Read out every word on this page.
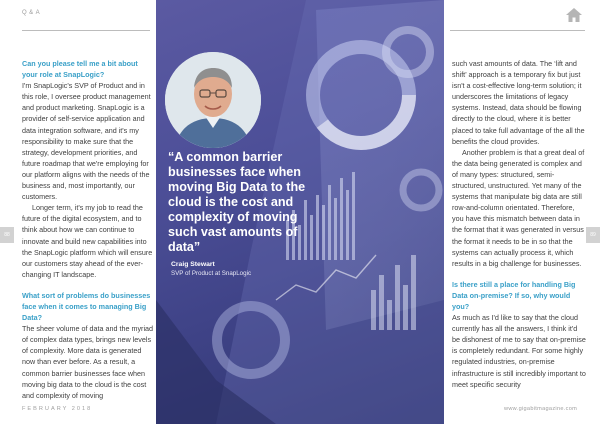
Q&A
88	89
Can you please tell me a bit about your role at SnapLogic?
I'm SnapLogic's SVP of Product and in this role, I oversee product management and product marketing. SnapLogic is a provider of self-service application and data integration software, and it's my responsibility to make sure that the strategy, development priorities, and future roadmap that we're employing for our platform aligns with the needs of the business and, most importantly, our customers.
Longer term, it's my job to read the future of the digital ecosystem, and to think about how we can continue to innovate and build new capabilities into the SnapLogic platform which will ensure our customers stay ahead of the ever-changing IT landscape.
What sort of problems do businesses face when it comes to managing Big Data?
The sheer volume of data and the myriad of complex data types, brings new levels of complexity. More data is generated now than ever before. As a result, a common barrier businesses face when moving big data to the cloud is the cost and complexity of moving
“A common barrier businesses face when moving Big Data to the cloud is the cost and complexity of moving such vast amounts of data”
Craig Stewart
SVP of Product at SnapLogic
such vast amounts of data. The ‘lift and shift’ approach is a temporary fix but just isn't a cost-effective long-term solution; it underscores the limitations of legacy systems. Instead, data should be flowing directly to the cloud, where it is better placed to take full advantage of the all the benefits the cloud provides.
Another problem is that a great deal of the data being generated is complex and of many types: structured, semi-structured, unstructured. Yet many of the systems that manipulate big data are still row-and-column orientated. Therefore, you have this mismatch between data in the format that it was generated in versus the format it needs to be in so that the systems can actually process it, which results in a big challenge for businesses.
Is there still a place for handling Big Data on-premise? If so, why would you?
As much as I'd like to say that the cloud currently has all the answers, I think it'd be dishonest of me to say that on-premise is completely redundant. For some highly regulated industries, on-premise infrastructure is still incredibly important to meet specific security
FEBRUARY 2018	www.gigabitmagazine.com
